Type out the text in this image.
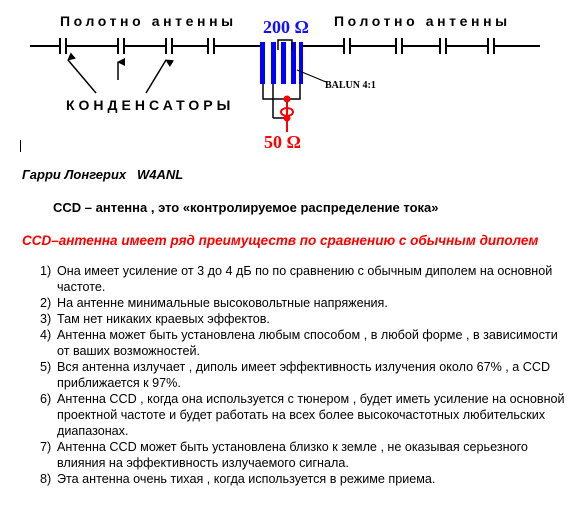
Полотно антенны	Полотно антенны
200 Ω
КОНДЕНСАТОРЫ
BALUN 4:1
50 Ω
Гарри Лонгерих   W4ANL
CCD – антенна , это «контролируемое распределение тока»
CCD–антенна имеет ряд преимуществ по сравнению с обычным диполем
1) Она имеет усиление от 3 до 4 дБ по по сравнению с обычным диполем на основной частоте.
2) На антенне минимальные высоковольтные напряжения.
3) Там нет никаких краевых эффектов.
4) Антенна может быть установлена любым способом , в любой форме , в зависимости от ваших возможностей.
5) Вся антенна излучает , диполь имеет эффективность излучения около 67% , а CCD приближается к 97%.
6) Антенна CCD , когда она используется с тюнером , будет иметь усиление на основной проектной частоте и будет работать на всех более высокочастотных любительских диапазонах.
7) Антенна CCD может быть установлена близко к земле , не оказывая серьезного влияния на эффективность излучаемого сигнала.
8) Эта антенна очень тихая , когда используется в режиме приема.
